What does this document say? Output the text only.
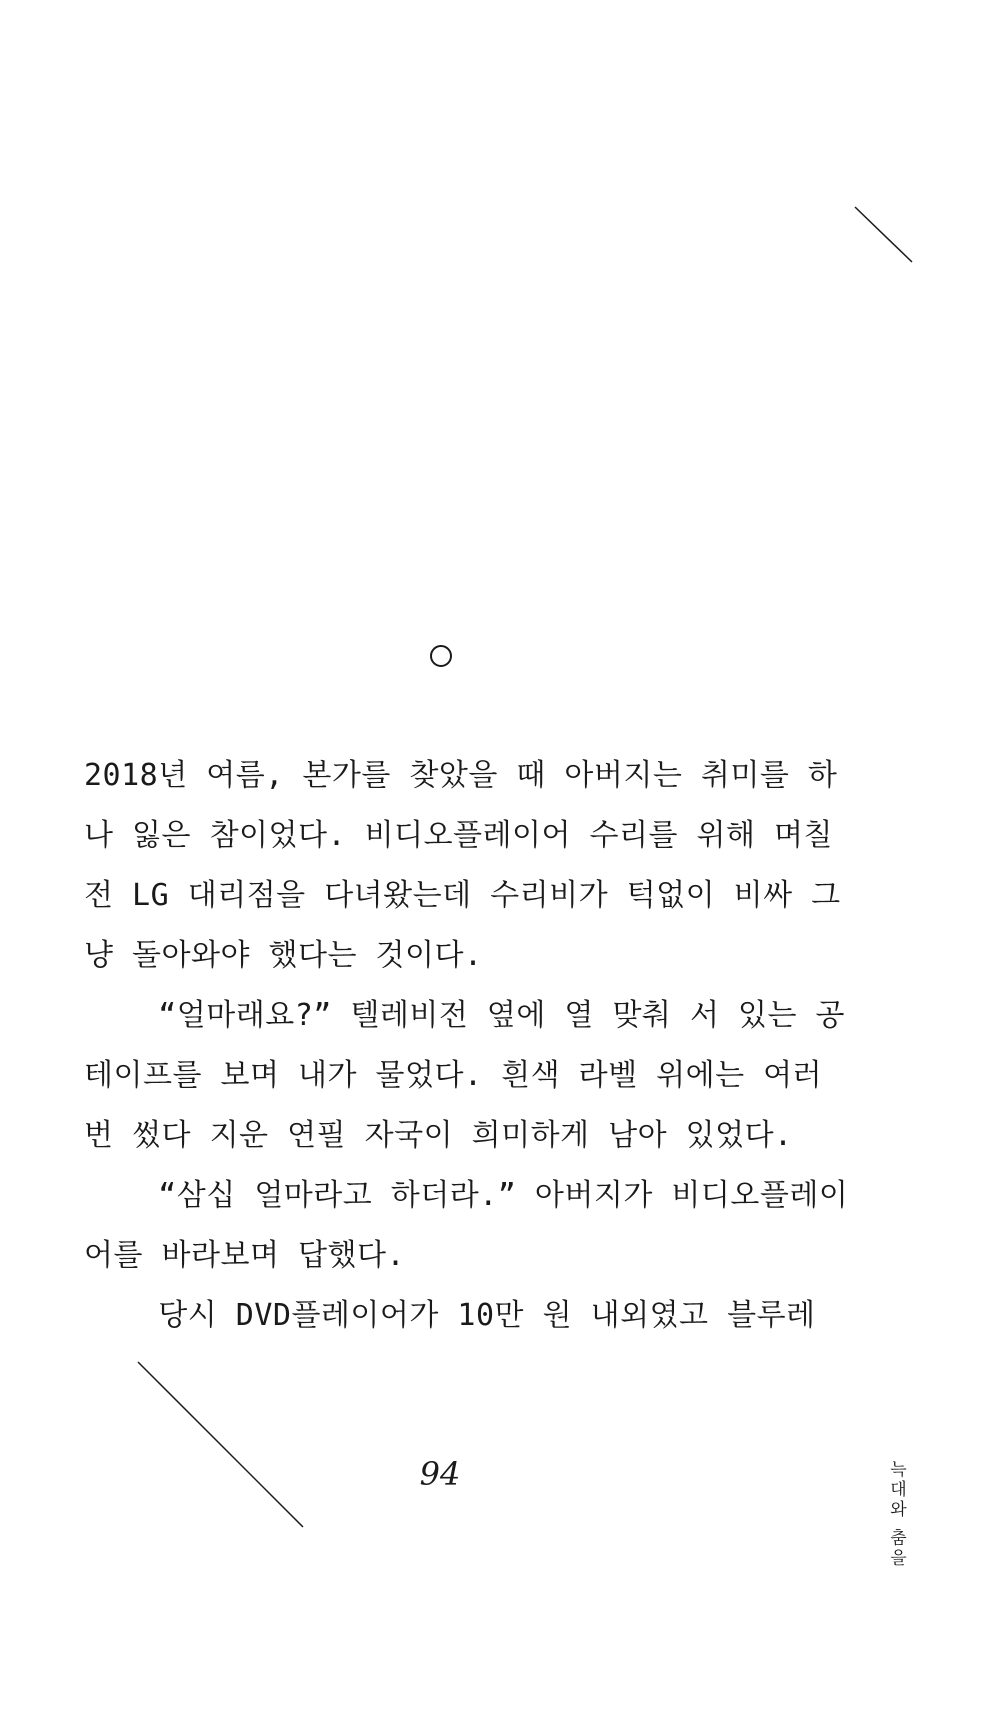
2018년 여름, 본가를 찾았을 때 아버지는 취미를 하
나 잃은 참이었다. 비디오플레이어 수리를 위해 며칠
전 LG 대리점을 다녀왔는데 수리비가 턱없이 비싸 그
냥 돌아와야 했다는 것이다.
“얼마래요?” 텔레비전 옆에 열 맞춰 서 있는 공
테이프를 보며 내가 물었다. 흰색 라벨 위에는 여러
번 썼다 지운 연필 자국이 희미하게 남아 있었다.
“삼십 얼마라고 하더라.” 아버지가 비디오플레이
어를 바라보며 답했다.
당시 DVD플레이어가 10만 원 내외였고 블루레
94	늑대와 춤을
